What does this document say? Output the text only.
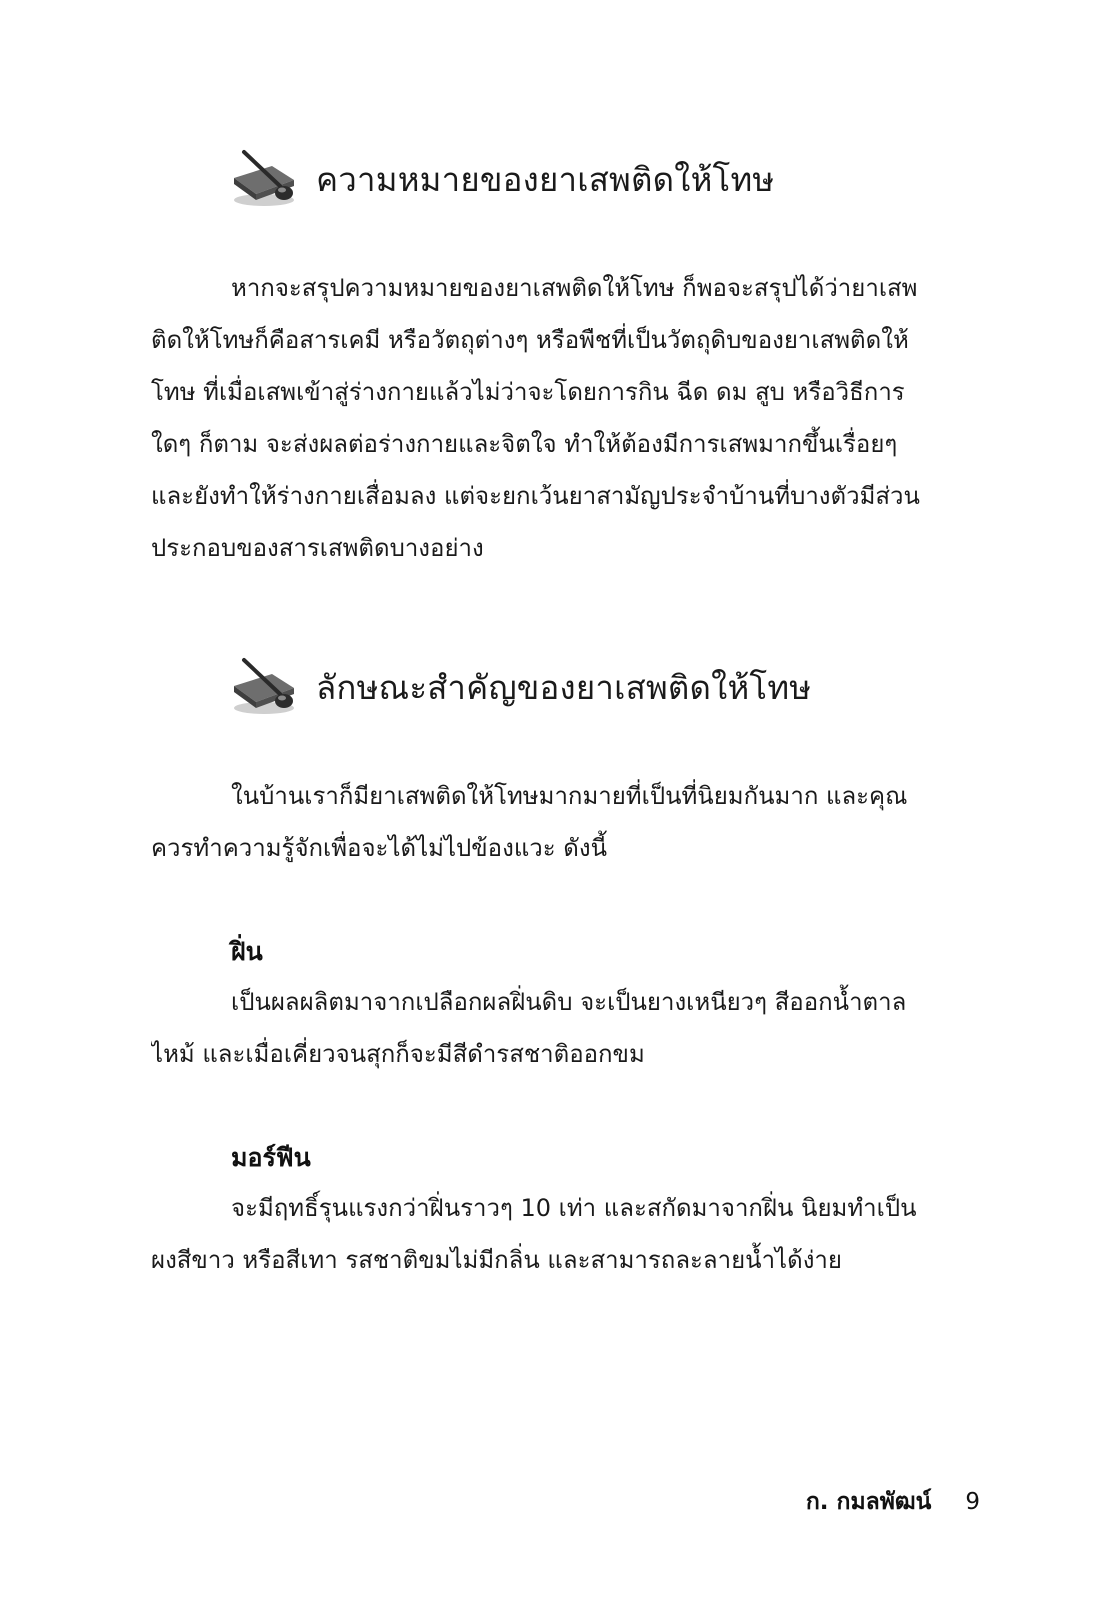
ความหมายของยาเสพติดให้โทษ
หากจะสรุปความหมายของยาเสพติดให้โทษ ก็พอจะสรุปได้ว่ายาเสพ
ติดให้โทษก็คือสารเคมี หรือวัตถุต่างๆ หรือพืชที่เป็นวัตถุดิบของยาเสพติดให้
โทษ ที่เมื่อเสพเข้าสู่ร่างกายแล้วไม่ว่าจะโดยการกิน ฉีด ดม สูบ หรือวิธีการ
ใดๆ ก็ตาม จะส่งผลต่อร่างกายและจิตใจ ทำให้ต้องมีการเสพมากขึ้นเรื่อยๆ
และยังทำให้ร่างกายเสื่อมลง แต่จะยกเว้นยาสามัญประจำบ้านที่บางตัวมีส่วน
ประกอบของสารเสพติดบางอย่าง
ลักษณะสำคัญของยาเสพติดให้โทษ
ในบ้านเราก็มียาเสพติดให้โทษมากมายที่เป็นที่นิยมกันมาก และคุณ
ควรทำความรู้จักเพื่อจะได้ไม่ไปข้องแวะ ดังนี้
ฝิ่น
เป็นผลผลิตมาจากเปลือกผลฝิ่นดิบ จะเป็นยางเหนียวๆ สีออกน้ำตาล
ไหม้ และเมื่อเคี่ยวจนสุกก็จะมีสีดำรสชาติออกขม
มอร์ฟีน
จะมีฤทธิ์รุนแรงกว่าฝิ่นราวๆ 10 เท่า และสกัดมาจากฝิ่น นิยมทำเป็น
ผงสีขาว หรือสีเทา รสชาติขมไม่มีกลิ่น และสามารถละลายน้ำได้ง่าย
ก. กมลพัฒน์ 9
